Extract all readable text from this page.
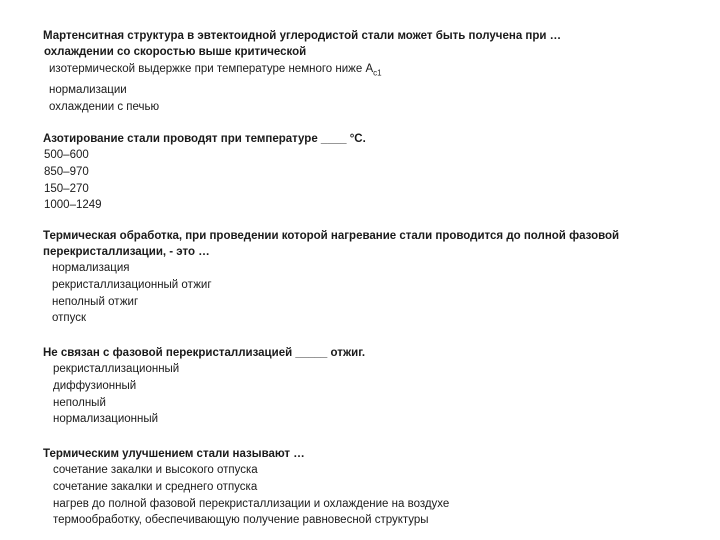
Мартенситная структура в эвтектоидной углеродистой стали может быть получена при …
охлаждении со скоростью выше критической
изотермической выдержке при температуре немного ниже $А_{c1}$
нормализации
охлаждении с печью
Азотирование стали проводят при температуре ____ °С.
500–600
850–970
150–270
1000–1249
Термическая обработка, при проведении которой нагревание стали проводится до полной фазовой
перекристаллизации, - это …
нормализация
рекристаллизационный отжиг
неполный отжиг
отпуск
Не связан с фазовой перекристаллизацией _____ отжиг.
рекристаллизационный
диффузионный
неполный
нормализационный
Термическим улучшением стали называют …
сочетание закалки и высокого отпуска
сочетание закалки и среднего отпуска
нагрев до полной фазовой перекристаллизации и охлаждение на воздухе
термообработку, обеспечивающую получение равновесной структуры
